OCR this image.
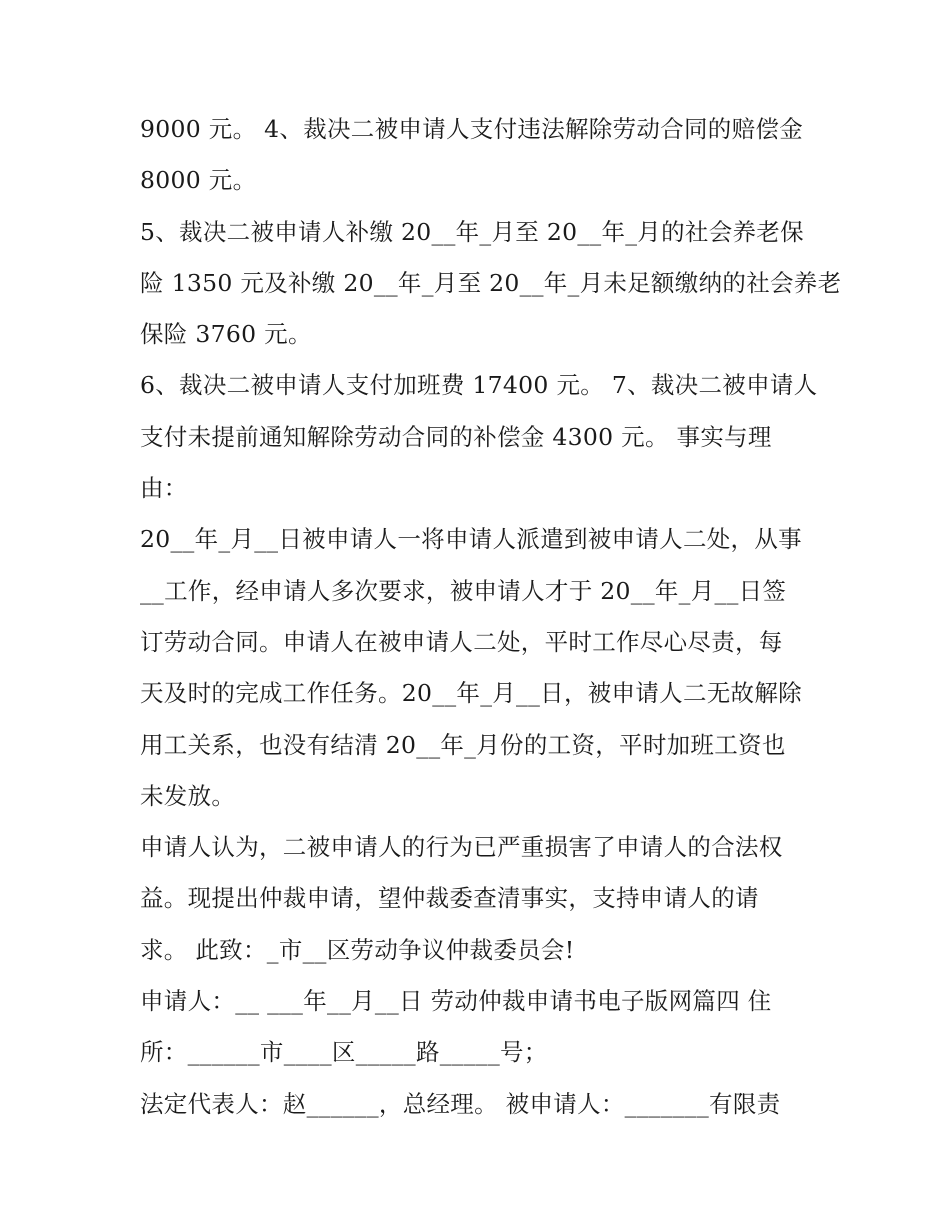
9000 元。 4、裁决二被申请人支付违法解除劳动合同的赔偿金
8000 元。
5、裁决二被申请人补缴 20__年_月至 20__年_月的社会养老保
险 1350 元及补缴 20__年_月至 20__年_月未足额缴纳的社会养老
保险 3760 元。
6、裁决二被申请人支付加班费 17400 元。 7、裁决二被申请人
支付未提前通知解除劳动合同的补偿金 4300 元。 事实与理
由：
20__年_月__日被申请人一将申请人派遣到被申请人二处，从事
__工作，经申请人多次要求，被申请人才于 20__年_月__日签
订劳动合同。申请人在被申请人二处，平时工作尽心尽责，每
天及时的完成工作任务。20__年_月__日，被申请人二无故解除
用工关系，也没有结清 20__年_月份的工资，平时加班工资也
未发放。
申请人认为，二被申请人的行为已严重损害了申请人的合法权
益。现提出仲裁申请，望仲裁委查清事实，支持申请人的请
求。 此致：_市__区劳动争议仲裁委员会!
申请人：__ ___年__月__日 劳动仲裁申请书电子版网篇四 住
所：______市____区_____路_____号；
法定代表人：赵______，总经理。 被申请人：_______有限责
